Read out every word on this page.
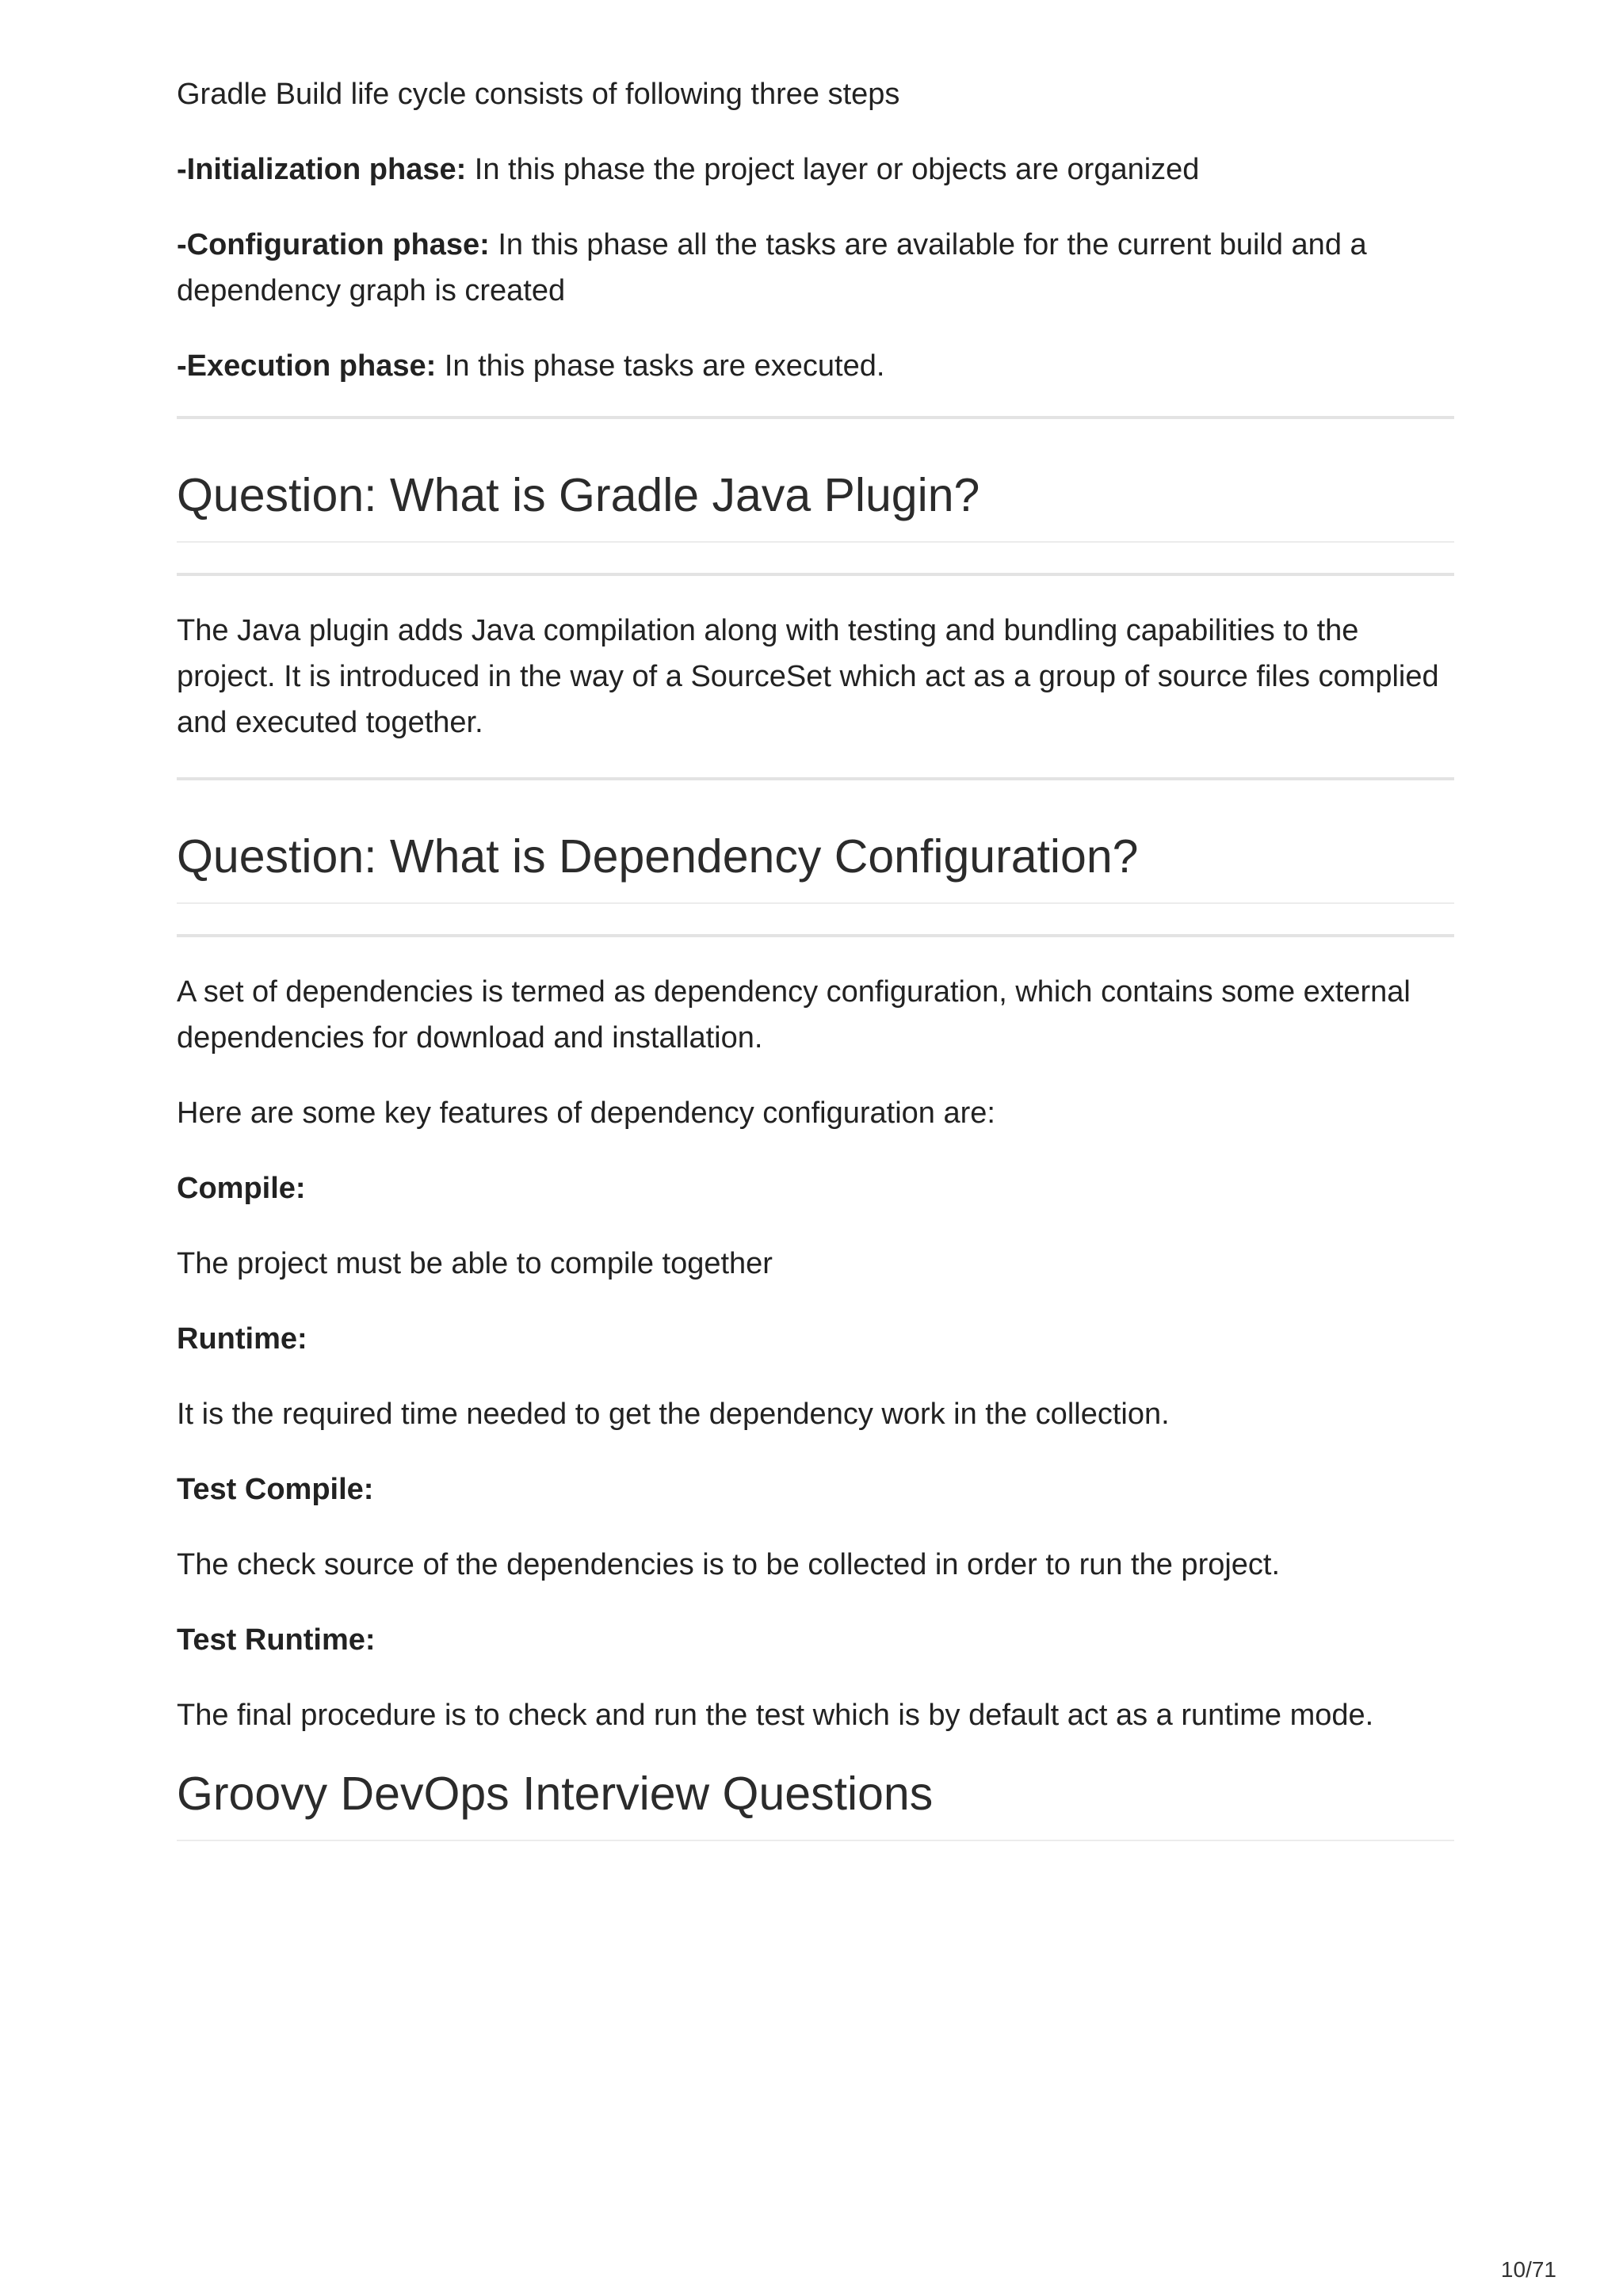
Gradle Build life cycle consists of following three steps

-Initialization phase: In this phase the project layer or objects are organized

-Configuration phase: In this phase all the tasks are available for the current build and a dependency graph is created

-Execution phase: In this phase tasks are executed.

Question: What is Gradle Java Plugin?

The Java plugin adds Java compilation along with testing and bundling capabilities to the project. It is introduced in the way of a SourceSet which act as a group of source files complied and executed together.

Question: What is Dependency Configuration?

A set of dependencies is termed as dependency configuration, which contains some external dependencies for download and installation.

Here are some key features of dependency configuration are:

Compile:

The project must be able to compile together

Runtime:

It is the required time needed to get the dependency work in the collection.

Test Compile:

The check source of the dependencies is to be collected in order to run the project.

Test Runtime:

The final procedure is to check and run the test which is by default act as a runtime mode.

Groovy DevOps Interview Questions
10/71
